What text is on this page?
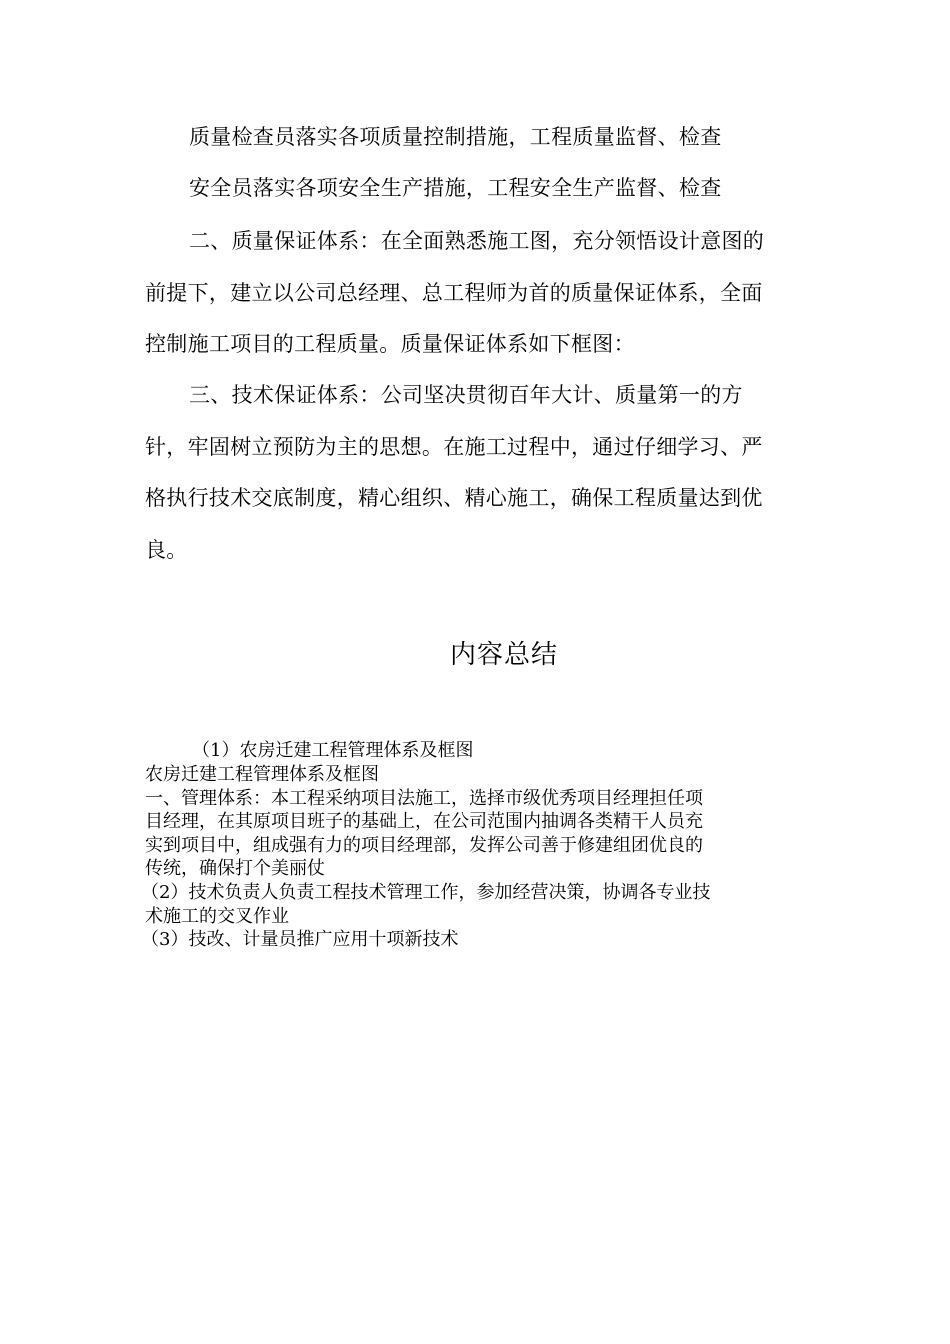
质量检查员落实各项质量控制措施，工程质量监督、检查
安全员落实各项安全生产措施，工程安全生产监督、检查
二、质量保证体系：在全面熟悉施工图，充分领悟设计意图的
前提下，建立以公司总经理、总工程师为首的质量保证体系，全面
控制施工项目的工程质量。质量保证体系如下框图：
三、技术保证体系：公司坚决贯彻百年大计、质量第一的方
针，牢固树立预防为主的思想。在施工过程中，通过仔细学习、严
格执行技术交底制度，精心组织、精心施工，确保工程质量达到优
良。
内容总结
（1）农房迁建工程管理体系及框图
农房迁建工程管理体系及框图
一、管理体系：本工程采纳项目法施工，选择市级优秀项目经理担任项
目经理，在其原项目班子的基础上，在公司范围内抽调各类精干人员充
实到项目中，组成强有力的项目经理部，发挥公司善于修建组团优良的
传统，确保打个美丽仗
（2）技术负责人负责工程技术管理工作，参加经营决策，协调各专业技
术施工的交叉作业
（3）技改、计量员推广应用十项新技术
